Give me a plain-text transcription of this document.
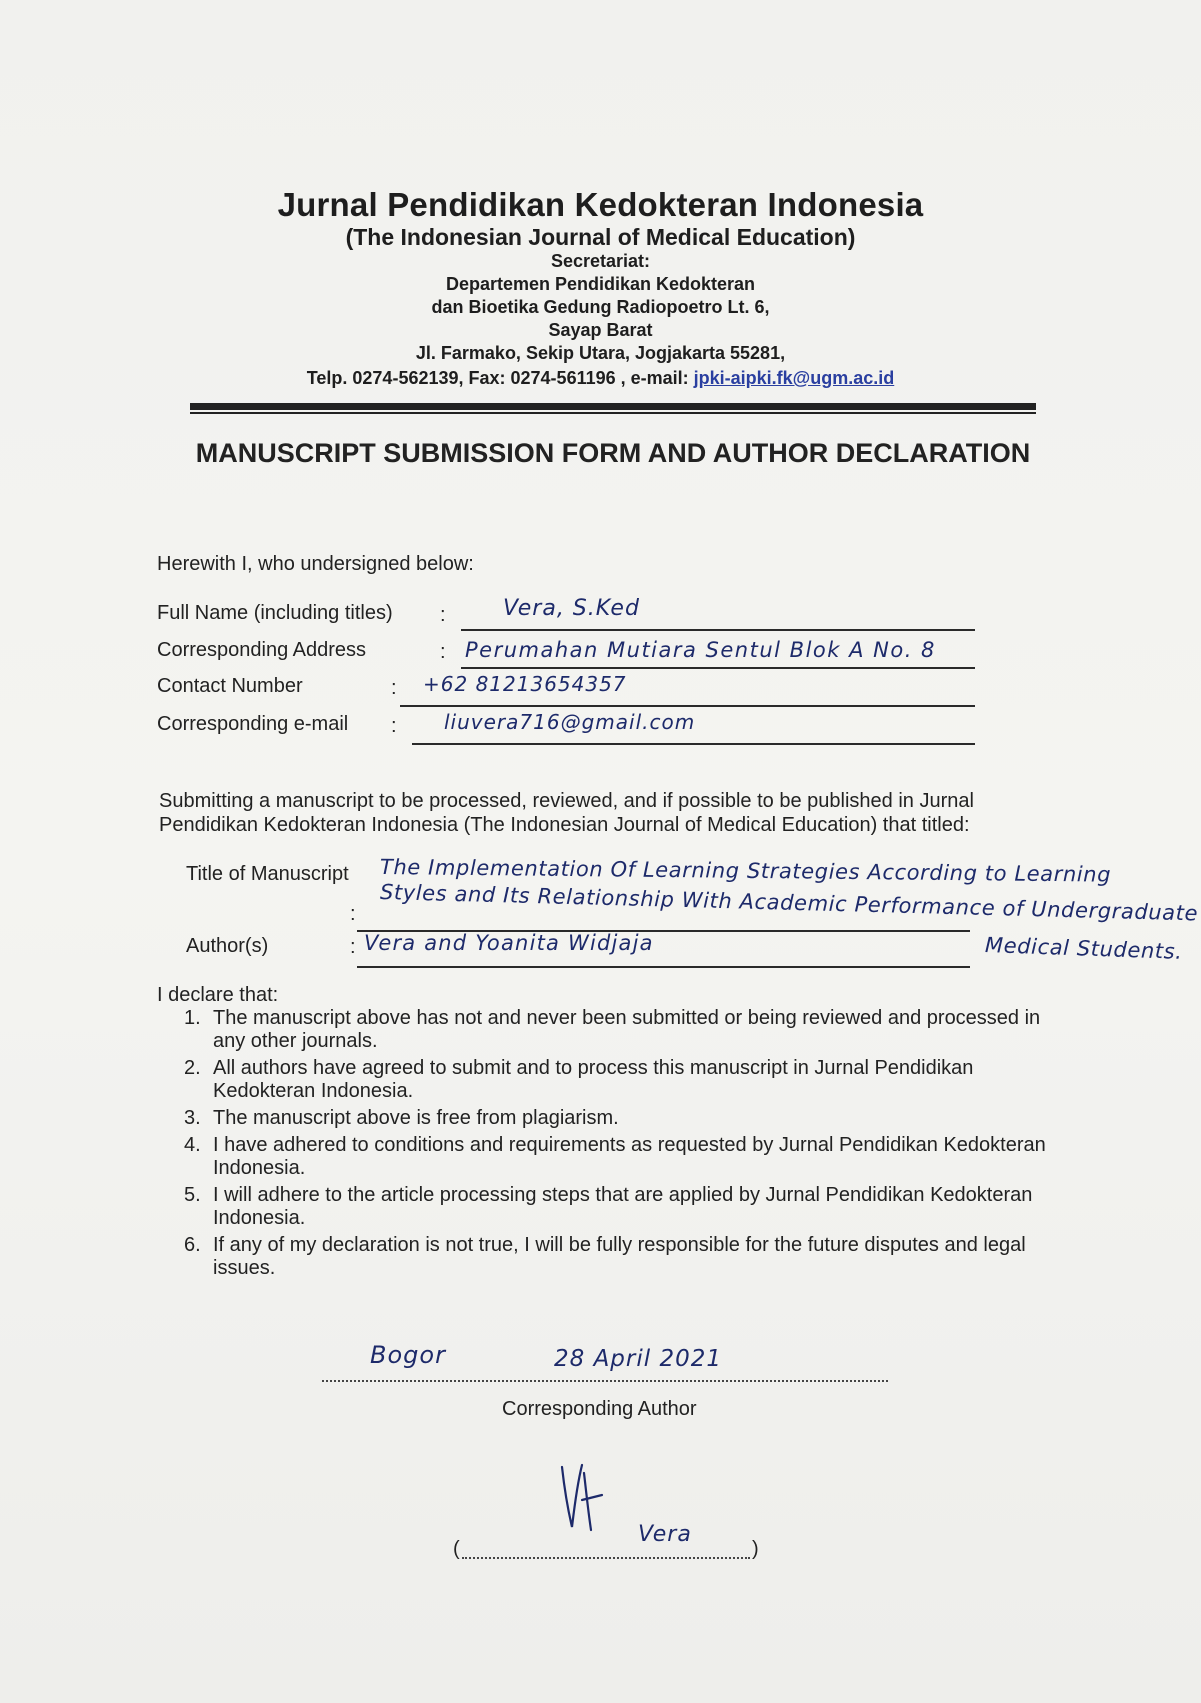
Jurnal Pendidikan Kedokteran Indonesia
(The Indonesian Journal of Medical Education)
Secretariat:
Departemen Pendidikan Kedokteran
dan Bioetika Gedung Radiopoetro Lt. 6,
Sayap Barat
Jl. Farmako, Sekip Utara, Jogjakarta 55281,
Telp. 0274-562139, Fax: 0274-561196 , e-mail: jpki-aipki.fk@ugm.ac.id
MANUSCRIPT SUBMISSION FORM AND AUTHOR DECLARATION
Herewith I, who undersigned below:
Full Name (including titles) :	Vera, S.Ked
Corresponding Address	: Perumahan Mutiara Sentul Blok A No. 8
Contact Number	: +62 81213654357
Corresponding e-mail : liuvera716@gmail.com
Submitting a manuscript to be processed, reviewed, and if possible to be published in Jurnal
Pendidikan Kedokteran Indonesia (The Indonesian Journal of Medical Education) that titled:
Title of Manuscript The Implementation Of Learning Strategies According to Learning
: Styles and Its Relationship With Academic Performance of Undergraduate
Medical Students.
Author(s)	: Vera and Yoanita Widjaja
I declare that:
1. The manuscript above has not and never been submitted or being reviewed and processed in any other journals.
2. All authors have agreed to submit and to process this manuscript in Jurnal Pendidikan Kedokteran Indonesia.
3. The manuscript above is free from plagiarism.
4. I have adhered to conditions and requirements as requested by Jurnal Pendidikan Kedokteran Indonesia.
5. I will adhere to the article processing steps that are applied by Jurnal Pendidikan Kedokteran Indonesia.
6. If any of my declaration is not true, I will be fully responsible for the future disputes and legal issues.
Bogor	28 April 2021
Corresponding Author
Vera
(	)
